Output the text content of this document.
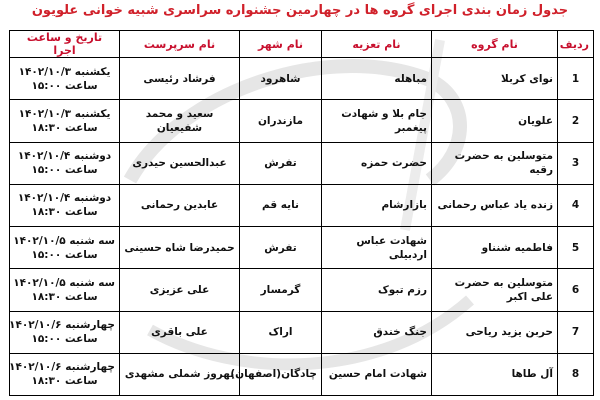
جدول زمان بندی اجرای گروه ها در چهارمین جشنواره سراسری شبیه خوانی علویون
ردیف	نام گروه	نام تعزیه	نام شهر	نام سرپرست	تاریخ و ساعت اجرا
1	نوای کربلا	مباهله	شاهرود	فرشاد رئیسی	یکشنبه ۱۴۰۲/۱۰/۳
ساعت ۱۵:۰۰

2	علویان	جام بلا و شهادت پیغمبر	مازندران	سعید و محمد شفیعیان	یکشنبه ۱۴۰۲/۱۰/۳
ساعت ۱۸:۳۰

3	متوسلین به حضرت رقیه	حضرت حمزه	تفرش	عبدالحسین حیدری	دوشنبه ۱۴۰۲/۱۰/۴
ساعت ۱۵:۰۰

4	زنده یاد عباس رحمانی	بازارشام	نایه قم	عابدین رحمانی	دوشنبه ۱۴۰۲/۱۰/۴
ساعت ۱۸:۳۰

5	فاطمیه شنناو	شهادت عباس اردبیلی	تفرش	حمیدرضا شاه حسینی	سه شنبه ۱۴۰۲/۱۰/۵
ساعت ۱۵:۰۰

6	متوسلین به حضرت علی اکبر	رزم تبوک	گرمسار	علی عزیزی	سه شنبه ۱۴۰۲/۱۰/۵
ساعت ۱۸:۳۰

7	حربن یزید ریاحی	جنگ خندق	اراک	علی باقری	چهارشنبه ۱۴۰۲/۱۰/۶
ساعت ۱۵:۰۰

8	آل طاها	شهادت امام حسین	چادگان(اصفهان)	بهروز شملی مشهدی	چهارشنبه ۱۴۰۲/۱۰/۶
ساعت ۱۸:۳۰
